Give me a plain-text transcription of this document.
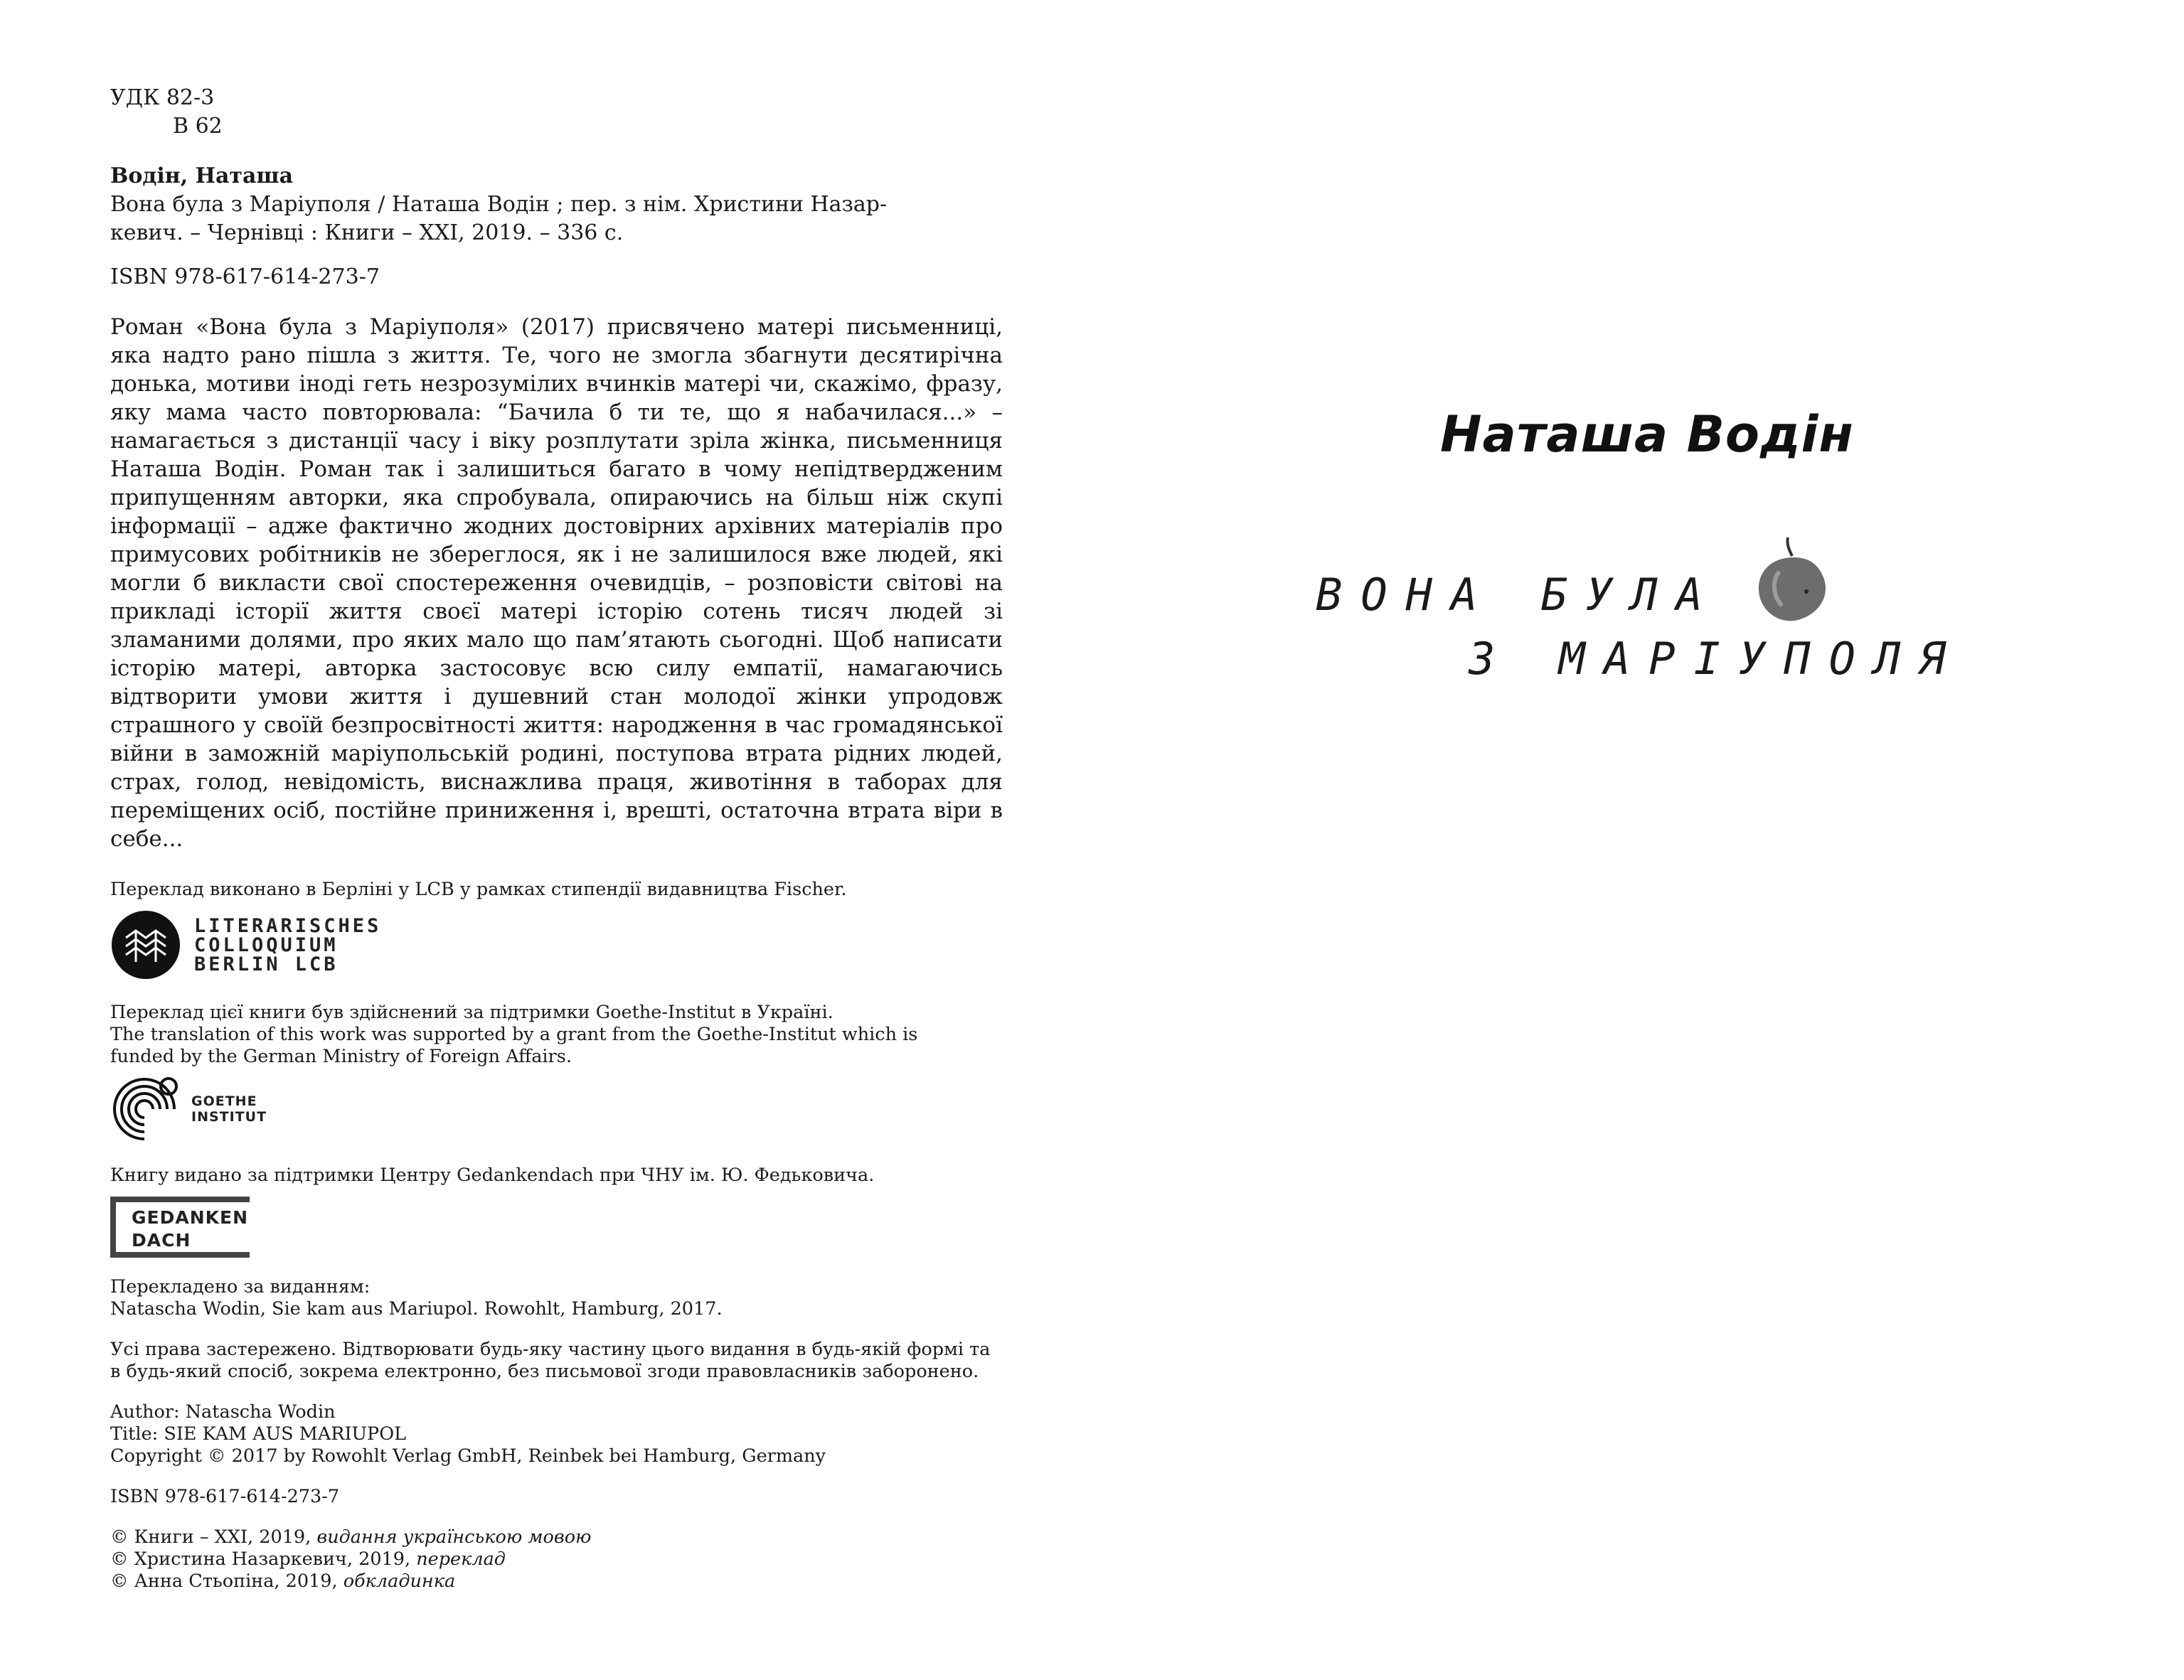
УДК 82-3

В 62

Водін, Наташа

Вона була з Маріуполя / Наташа Водін ; пер. з нім. Христини Назар-

кевич. – Чернівці : Книги – XXI, 2019. – 336 с.

ISBN 978-617-614-273-7

Роман «Вона була з Маріуполя» (2017) присвячено матері письменниці, яка надто рано пішла з життя. Те, чого не змогла збагнути десятирічна донька, мотиви іноді геть незрозумілих вчинків матері чи, скажімо, фразу, яку мама часто повторювала: “Бачила б ти те, що я набачилася...» – намагається з дистанції часу і віку розплутати зріла жінка, письменниця Наташа Водін. Роман так і залишиться багато в чому непідтвердженим припущенням авторки, яка спробувала, опираючись на більш ніж скупі інформації – адже фактично жодних достовірних архівних матеріалів про примусових робітників не збереглося, як і не залишилося вже людей, які могли б викласти свої спостереження очевидців, – розповісти світові на прикладі історії життя своєї матері історію сотень тисяч людей зі зламаними долями, про яких мало що пам’ятають сьогодні. Щоб написати історію матері, авторка застосовує всю силу емпатії, намагаючись відтворити умови життя і душевний стан молодої жінки упродовж страшного у своїй безпросвітності життя: народження в час громадянської війни в заможній маріупольській родині, поступова втрата рідних людей, страх, голод, невідомість, виснажлива праця, животіння в таборах для переміщених осіб, постійне приниження і, врешті, остаточна втрата віри в себе...

Переклад виконано в Берліні у LCB у рамках стипендії видавництва Fischer.

LITERARISCHES
COLLOQUIUM
BERLIN LCB

Переклад цієї книги був здійснений за підтримки Goethe-Institut в Україні.

The translation of this work was supported by a grant from the Goethe-Institut which is

funded by the German Ministry of Foreign Affairs.

GOETHE
INSTITUT

Книгу видано за підтримки Центру Gedankendach при ЧНУ ім. Ю. Федьковича.

GEDANKEN
DACH

Перекладено за виданням:

Natascha Wodin, Sie kam aus Mariupol. Rowohlt, Hamburg, 2017.

Усі права застережено. Відтворювати будь-яку частину цього видання в будь-якій формі та

в будь-який спосіб, зокрема електронно, без письмової згоди правовласників заборонено.

Author: Natascha Wodin

Title: SIE KAM AUS MARIUPOL

Copyright © 2017 by Rowohlt Verlag GmbH, Reinbek bei Hamburg, Germany

ISBN 978-617-614-273-7

© Книги – XXI, 2019, видання українською мовою

© Христина Назаркевич, 2019, переклад

© Анна Стьопіна, 2019, обкладинка

Наташа Водін
ВОНА БУЛА
З МАРІУПОЛЯ
